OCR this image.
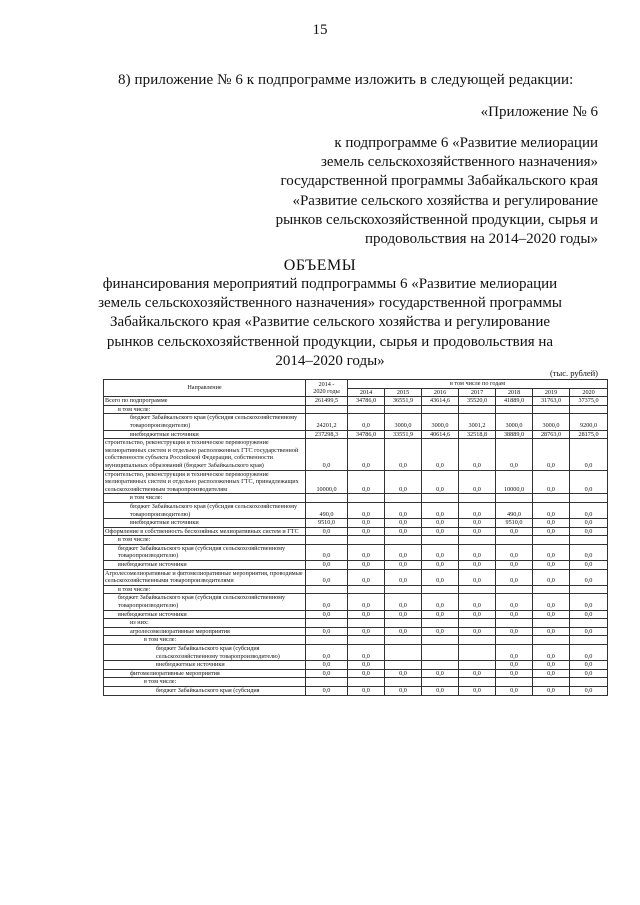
15
8) приложение № 6 к подпрограмме изложить в следующей редакции:
«Приложение № 6
к подпрограмме 6 «Развитие мелиорации
земель сельскохозяйственного назначения»
государственной программы Забайкальского края
«Развитие сельского хозяйства и регулирование
рынков сельскохозяйственной продукции, сырья и
продовольствия на 2014–2020 годы»
ОБЪЕМЫ
финансирования мероприятий подпрограммы 6 «Развитие мелиорации
земель сельскохозяйственного назначения» государственной программы
Забайкальского края «Развитие сельского хозяйства и регулирование
рынков сельскохозяйственной продукции, сырья и продовольствия на
2014–2020 годы»
(тыс. рублей)
Направление	2014 -
2020 годы	в том числе по годам						
		2014	2015	2016	2017	2018	2019	2020
Всего по подпрограмме	261499,5	34786,0	36551,9	43614,6	35520,0	41889,0	31763,0	37375,0
в том числе:								
бюджет Забайкальского края (субсидия сельскохозяйственному товаропроизводителю)	24201,2	0,0	3000,0	3000,0	3001,2	3000,0	3000,0	9200,0
внебюджетные источники	237298,3	34786,0	33551,9	40614,6	32518,8	38889,0	28763,0	28175,0
строительство, реконструкция и техническое перевооружение мелиоративных систем и отдельно расположенных ГТС государственной собственности субъекта Российской Федерации, собственности муниципальных образований (бюджет Забайкальского края)	0,0	0,0	0,0	0,0	0,0	0,0	0,0	0,0
строительство, реконструкция и техническое перевооружение мелиоративных систем и отдельно расположенных ГТС, принадлежащих сельскохозяйственным товаропроизводителям	10000,0	0,0	0,0	0,0	0,0	10000,0	0,0	0,0
в том числе:								
бюджет Забайкальского края (субсидия сельскохозяйственному товаропроизводителю)	490,0	0,0	0,0	0,0	0,0	490,0	0,0	0,0
внебюджетные источники	9510,0	0,0	0,0	0,0	0,0	9510,0	0,0	0,0
Оформление в собственность бесхозяйных мелиоративных систем и ГТС	0,0	0,0	0,0	0,0	0,0	0,0	0,0	0,0
в том числе:								
бюджет Забайкальского края (субсидия сельскохозяйственному товаропроизводителю)	0,0	0,0	0,0	0,0	0,0	0,0	0,0	0,0
внебюджетные источники	0,0	0,0	0,0	0,0	0,0	0,0	0,0	0,0
Агролесомелиоративные и фитомелиоративные мероприятия, проводимые сельскохозяйственными товаропроизводителями	0,0	0,0	0,0	0,0	0,0	0,0	0,0	0,0
в том числе:								
бюджет Забайкальского края (субсидия сельскохозяйственному товаропроизводителю)	0,0	0,0	0,0	0,0	0,0	0,0	0,0	0,0
внебюджетные источники	0,0	0,0	0,0	0,0	0,0	0,0	0,0	0,0
из них:								
агролесомелиоративные мероприятия	0,0	0,0	0,0	0,0	0,0	0,0	0,0	0,0
в том числе:								
бюджет Забайкальского края (субсидия сельскохозяйственному товаропроизводителю)	0,0	0,0				0,0	0,0	0,0
внебюджетные источники	0,0	0,0				0,0	0,0	0,0
фитомелиоративные мероприятия	0,0	0,0	0,0	0,0	0,0	0,0	0,0	0,0
в том числе:								
бюджет Забайкальского края (субсидия	0,0	0,0	0,0	0,0	0,0	0,0	0,0	0,0
